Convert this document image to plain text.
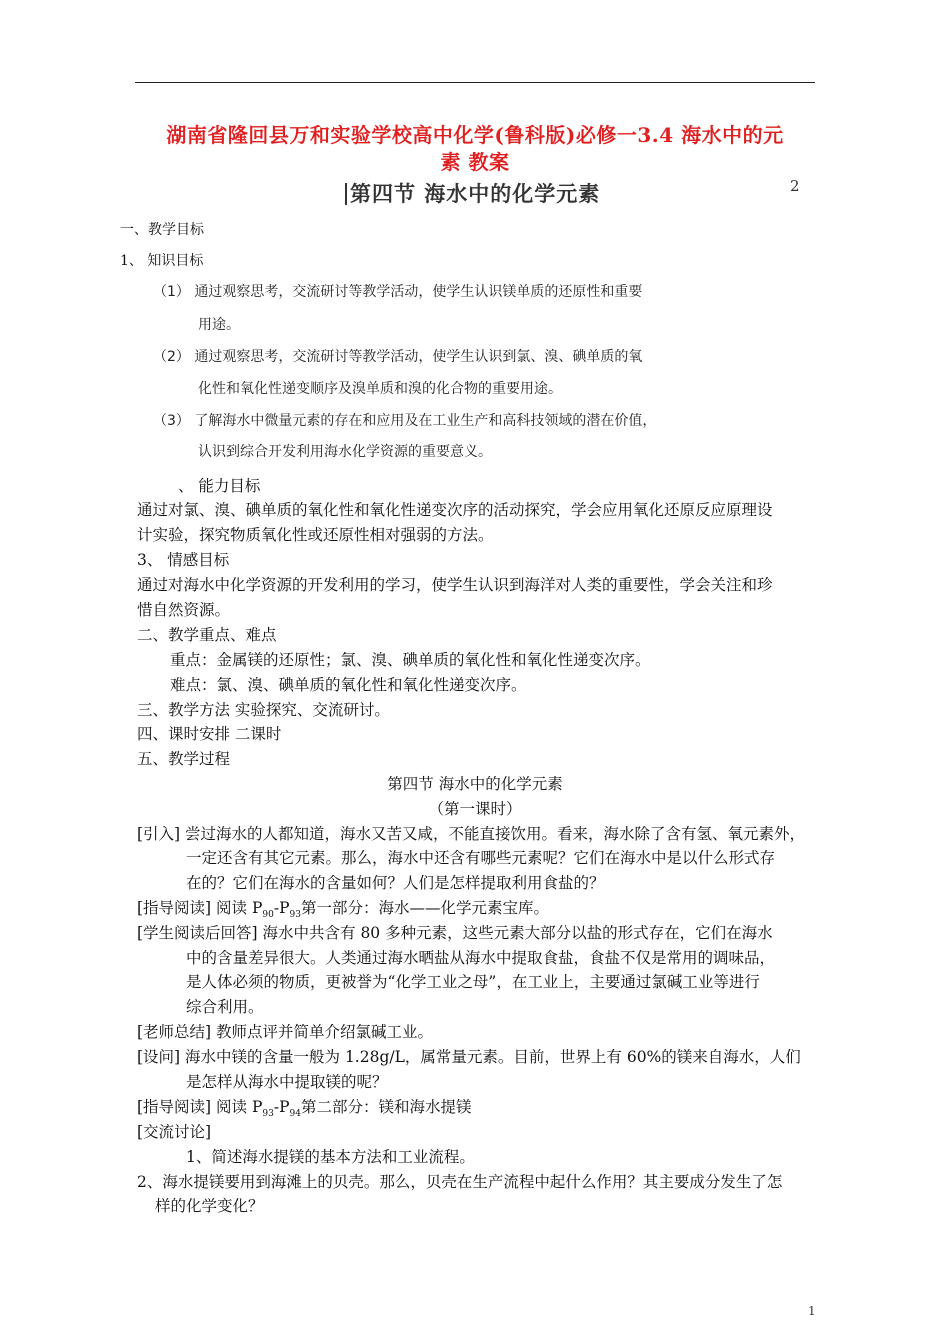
湖南省隆回县万和实验学校高中化学(鲁科版)必修一3.4 海水中的元
素 教案
第四节 海水中的化学元素	2
一、教学目标
1、 知识目标
（1） 通过观察思考，交流研讨等教学活动，使学生认识镁单质的还原性和重要
用途。
（2） 通过观察思考，交流研讨等教学活动，使学生认识到氯、溴、碘单质的氧
化性和氧化性递变顺序及溴单质和溴的化合物的重要用途。
（3） 了解海水中微量元素的存在和应用及在工业生产和高科技领域的潜在价值，
认识到综合开发利用海水化学资源的重要意义。
、 能力目标
通过对氯、溴、碘单质的氧化性和氧化性递变次序的活动探究，学会应用氧化还原反应原理设
计实验，探究物质氧化性或还原性相对强弱的方法。
3、 情感目标
通过对海水中化学资源的开发利用的学习，使学生认识到海洋对人类的重要性，学会关注和珍
惜自然资源。
二、教学重点、难点
重点：金属镁的还原性；氯、溴、碘单质的氧化性和氧化性递变次序。
难点：氯、溴、碘单质的氧化性和氧化性递变次序。
三、教学方法 实验探究、交流研讨。
四、课时安排 二课时
五、教学过程
第四节 海水中的化学元素
（第一课时）
[引入] 尝过海水的人都知道，海水又苦又咸，不能直接饮用。看来，海水除了含有氢、氧元素外，
一定还含有其它元素。那么，海水中还含有哪些元素呢？它们在海水中是以什么形式存
在的？它们在海水的含量如何？人们是怎样提取利用食盐的？
[指导阅读] 阅读 $P_{90}-P_{93}$第一部分：海水——化学元素宝库。
[学生阅读后回答] 海水中共含有 80 多种元素，这些元素大部分以盐的形式存在，它们在海水
中的含量差异很大。人类通过海水晒盐从海水中提取食盐，食盐不仅是常用的调味品，
是人体必须的物质，更被誉为“化学工业之母”，在工业上，主要通过氯碱工业等进行
综合利用。
[老师总结] 教师点评并简单介绍氯碱工业。
[设问] 海水中镁的含量一般为 1.28g/L，属常量元素。目前，世界上有 60%的镁来自海水，人们
是怎样从海水中提取镁的呢？
[指导阅读] 阅读 $P_{93}-P_{94}$第二部分：镁和海水提镁
[交流讨论]
1、简述海水提镁的基本方法和工业流程。
2、海水提镁要用到海滩上的贝壳。那么，贝壳在生产流程中起什么作用？其主要成分发生了怎
样的化学变化？
1
